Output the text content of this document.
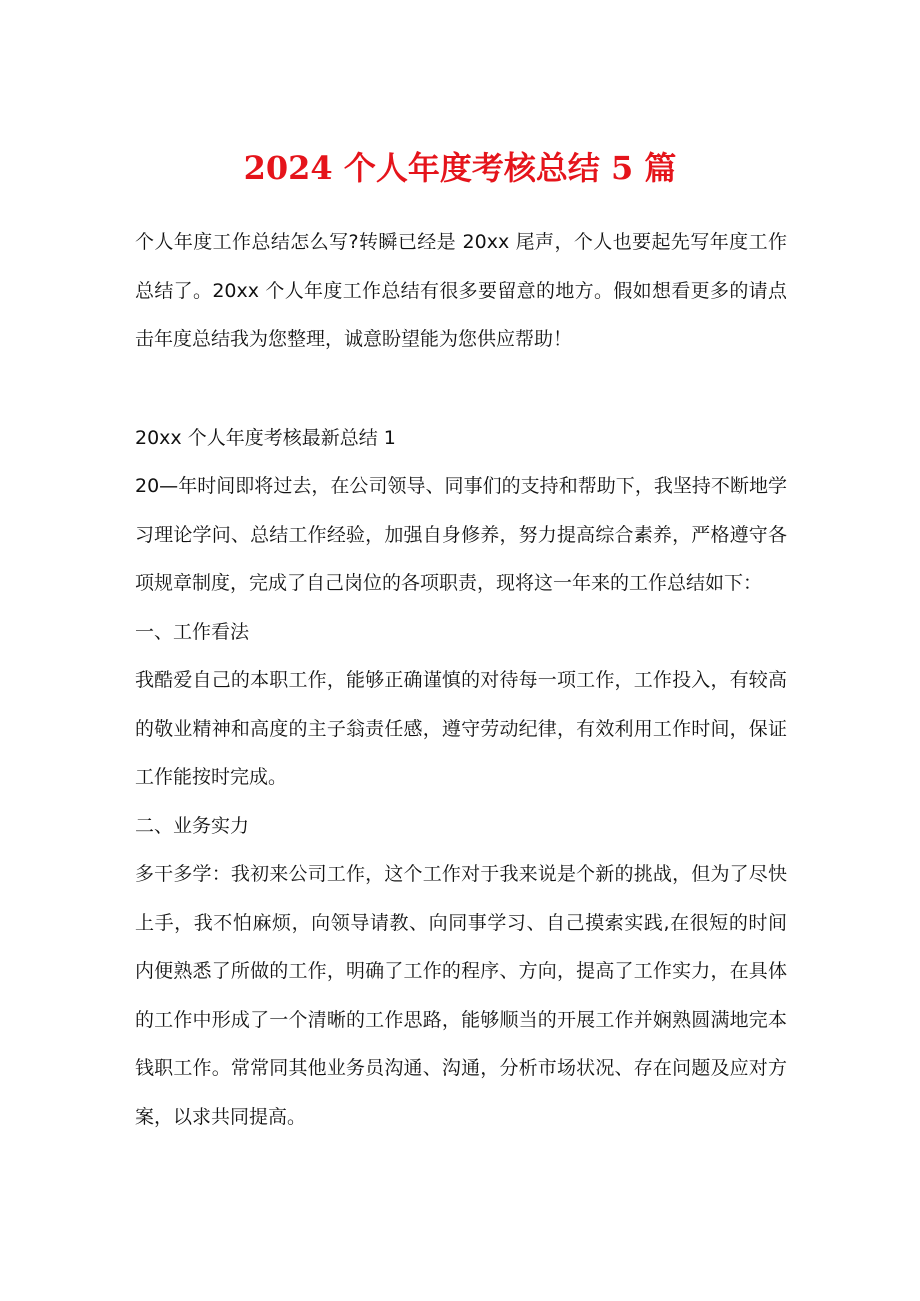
2024 个人年度考核总结 5 篇

个人年度工作总结怎么写?转瞬已经是 20xx 尾声，个人也要起先写年度工作总结了。20xx 个人年度工作总结有很多要留意的地方。假如想看更多的请点击年度总结我为您整理，诚意盼望能为您供应帮助！

20xx 个人年度考核最新总结 1

20—年时间即将过去，在公司领导、同事们的支持和帮助下，我坚持不断地学习理论学问、总结工作经验，加强自身修养，努力提高综合素养，严格遵守各项规章制度，完成了自己岗位的各项职责，现将这一年来的工作总结如下：

一、工作看法

我酷爱自己的本职工作，能够正确谨慎的对待每一项工作，工作投入，有较高的敬业精神和高度的主子翁责任感，遵守劳动纪律，有效利用工作时间，保证工作能按时完成。

二、业务实力

多干多学：我初来公司工作，这个工作对于我来说是个新的挑战，但为了尽快上手，我不怕麻烦，向领导请教、向同事学习、自己摸索实践,在很短的时间内便熟悉了所做的工作，明确了工作的程序、方向，提高了工作实力，在具体的工作中形成了一个清晰的工作思路，能够顺当的开展工作并娴熟圆满地完本钱职工作。常常同其他业务员沟通、沟通，分析市场状况、存在问题及应对方案，以求共同提高。
